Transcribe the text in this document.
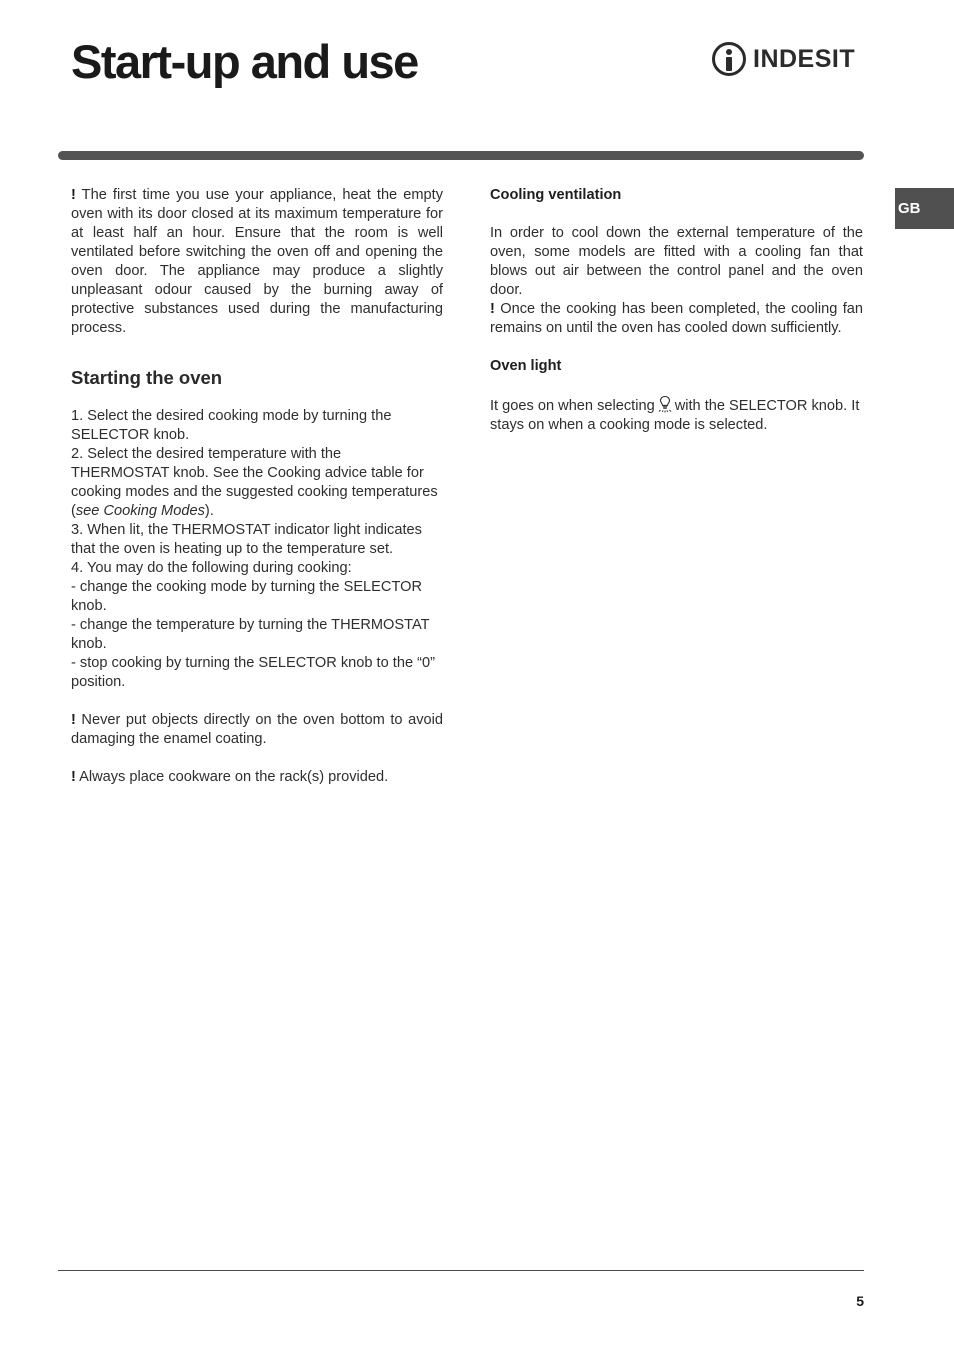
Start-up and use	INDESIT
GB

! The first time you use your appliance, heat the empty oven with its door closed at its maximum temperature for at least half an hour. Ensure that the room is well ventilated before switching the oven off and opening the oven door. The appliance may produce a slightly unpleasant odour caused by the burning away of protective substances used during the manufacturing process.

Starting the oven
1. Select the desired cooking mode by turning the SELECTOR knob.
2. Select the desired temperature with the THERMOSTAT knob. See the Cooking advice table for cooking modes and the suggested cooking temperatures (see Cooking Modes).
3. When lit, the THERMOSTAT indicator light indicates that the oven is heating up to the temperature set.
4. You may do the following during cooking:
- change the cooking mode by turning the SELECTOR knob.
- change the temperature by turning the THERMOSTAT knob.
- stop cooking by turning the SELECTOR knob to the “0” position.

! Never put objects directly on the oven bottom to avoid damaging the enamel coating.

! Always place cookware on the rack(s) provided.

Cooling ventilation

In order to cool down the external temperature of the oven, some models are fitted with a cooling fan that blows out air between the control panel and the oven door.

! Once the cooking has been completed, the cooling fan remains on until the oven has cooled down sufficiently.

Oven light

It goes on when selecting with the SELECTOR knob. It stays on when a cooking mode is selected.

5
